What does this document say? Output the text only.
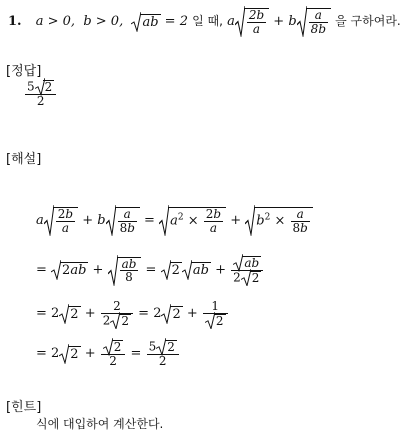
1. a > 0,  b > 0,
ab = 2 일 때, a $\frac{2b}{a} + b \frac{a}{8b}$ 을 구하여라.
[정답]
$\frac{5 2}{2}$
[해설]
a $\frac{2b}{a} + b \frac{a}{8b}$ =
$a^2 \times \frac{2b}{a}$ +
$b^2 \times \frac{a}{8b}$
=
$2ab + \frac{ab}{8}$ =
2 ab + $\frac{ab}{2 2}$
= 2 $2 + \frac{2}{2 2} = 2$ $2 + \frac{1}{2}$
= 2 $2 + \frac{2}{2} = \frac{5 2}{2}$
[힌트]
식에 대입하여 계산한다.
